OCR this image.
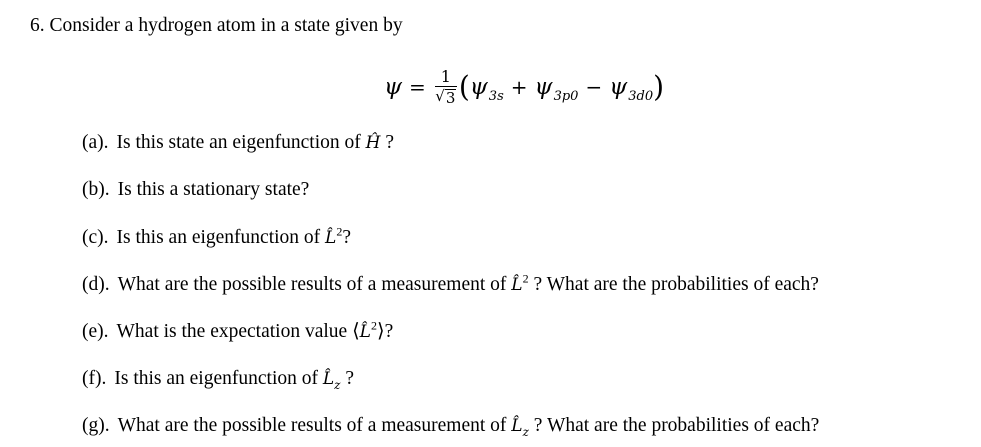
6. Consider a hydrogen atom in a state given by
$\psi = \frac{1}{√ 3}$ ( ψ 3s + ψ 3p0 − ψ 3d0 )
(a). Is this state an eigenfunction of Ĥ ?
(b). Is this a stationary state?
(c). Is this an eigenfunction of L̂$^2$?
(d). What are the possible results of a measurement of L̂$^2$ ? What are the probabilities of each?
(e). What is the expectation value ⟨L̂$^2$⟩?
(f). Is this an eigenfunction of $L̂_z$ ?
(g). What are the possible results of a measurement of $L̂_z$ ? What are the probabilities of each?
